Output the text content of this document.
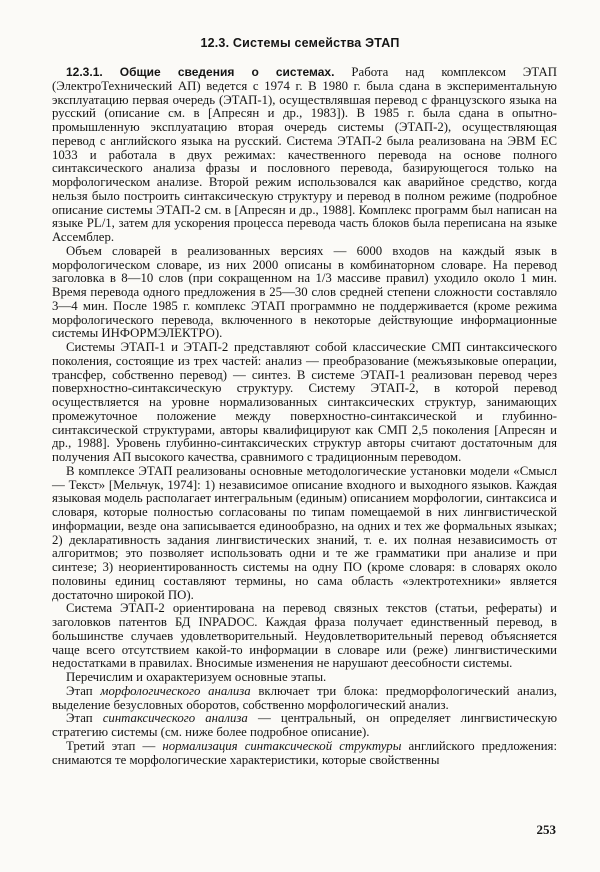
12.3. Системы семейства ЭТАП

12.3.1. Общие сведения о системах. Работа над комплексом ЭТАП (ЭлектроТехнический АП) ведется с 1974 г. В 1980 г. была сдана в экспериментальную эксплуатацию первая очередь (ЭТАП-1), осуществлявшая перевод с французского языка на русский (описание см. в [Апресян и др., 1983]). В 1985 г. была сдана в опытно-промышленную эксплуатацию вторая очередь системы (ЭТАП-2), осуществляющая перевод с английского языка на русский. Система ЭТАП-2 была реализована на ЭВМ ЕС 1033 и работала в двух режимах: качественного перевода на основе полного синтаксического анализа фразы и пословного перевода, базирующегося только на морфологическом анализе. Второй режим использовался как аварийное средство, когда нельзя было построить синтаксическую структуру и перевод в полном режиме (подробное описание системы ЭТАП-2 см. в [Апресян и др., 1988]. Комплекс программ был написан на языке PL/1, затем для ускорения процесса перевода часть блоков была переписана на языке Ассемблер.

Объем словарей в реализованных версиях — 6000 входов на каждый язык в морфологическом словаре, из них 2000 описаны в комбинаторном словаре. На перевод заголовка в 8—10 слов (при сокращенном на 1/3 массиве правил) уходило около 1 мин. Время перевода одного предложения в 25—30 слов средней степени сложности составляло 3—4 мин. После 1985 г. комплекс ЭТАП программно не поддерживается (кроме режима морфологического перевода, включенного в некоторые действующие информационные системы ИНФОРМЭЛЕКТРО).

Системы ЭТАП-1 и ЭТАП-2 представляют собой классические СМП синтаксического поколения, состоящие из трех частей: анализ — преобразование (межъязыковые операции, трансфер, собственно перевод) — синтез. В системе ЭТАП-1 реализован перевод через поверхностно-синтаксическую структуру. Систему ЭТАП-2, в которой перевод осуществляется на уровне нормализованных синтаксических структур, занимающих промежуточное положение между поверхностно-синтаксической и глубинно-синтаксической структурами, авторы квалифицируют как СМП 2,5 поколения [Апресян и др., 1988]. Уровень глубинно-синтаксических структур авторы считают достаточным для получения АП высокого качества, сравнимого с традиционным переводом.

В комплексе ЭТАП реализованы основные методологические установки модели «Смысл — Текст» [Мельчук, 1974]: 1) независимое описание входного и выходного языков. Каждая языковая модель располагает интегральным (единым) описанием морфологии, синтаксиса и словаря, которые полностью согласованы по типам помещаемой в них лингвистической информации, везде она записывается единообразно, на одних и тех же формальных языках; 2) декларативность задания лингвистических знаний, т. е. их полная независимость от алгоритмов; это позволяет использовать одни и те же грамматики при анализе и при синтезе; 3) неориентированность системы на одну ПО (кроме словаря: в словарях около половины единиц составляют термины, но сама область «электротехники» является достаточно широкой ПО).

Система ЭТАП-2 ориентирована на перевод связных текстов (статьи, рефераты) и заголовков патентов БД INPADOC. Каждая фраза получает единственный перевод, в большинстве случаев удовлетворительный. Неудовлетворительный перевод объясняется чаще всего отсутствием какой-то информации в словаре или (реже) лингвистическими недостатками в правилах. Вносимые изменения не нарушают деесобности системы.

Перечислим и охарактеризуем основные этапы.

Этап морфологического анализа включает три блока: предморфологический анализ, выделение безусловных оборотов, собственно морфологический анализ.

Этап синтаксического анализа — центральный, он определяет лингвистическую стратегию системы (см. ниже более подробное описание).

Третий этап — нормализация синтаксической структуры английского предложения: снимаются те морфологические характеристики, которые свойственны

253
